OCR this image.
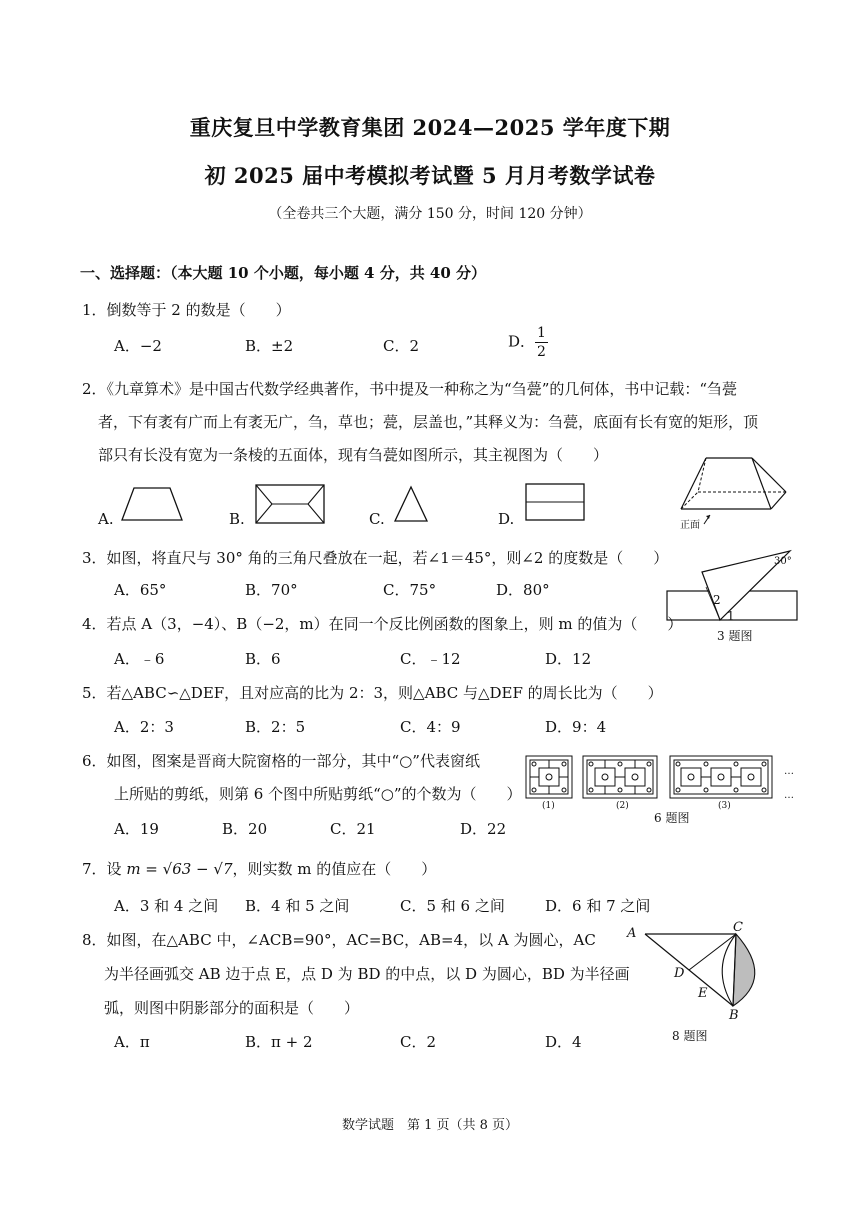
重庆复旦中学教育集团 2024—2025 学年度下期
初 2025 届中考模拟考试暨 5 月月考数学试卷
（全卷共三个大题，满分 150 分，时间 120 分钟）
一、选择题：（本大题 10 个小题，每小题 4 分，共 40 分）
1．倒数等于 2 的数是（　　）
A．−2	B．±2	C．2	D． $\frac{1}{2}$
2．《九章算术》是中国古代数学经典著作，书中提及一种称之为“刍甍”的几何体，书中记载：“刍甍
者，下有袤有广而上有袤无广，刍，草也；甍，层盖也，”其释义为：刍甍，底面有长有宽的矩形，顶
部只有长没有宽为一条棱的五面体，现有刍甍如图所示，其主视图为（　　）
A.	B.	C.	D.	正面
3．如图，将直尺与 30° 角的三角尺叠放在一起，若∠1＝45°，则∠2 的度数是（　　）
A．65°	B．70°	C．75°	D．80°
30°
2
1
3 题图
4．若点 A（3，−4）、B（−2，m）在同一个反比例函数的图象上，则 m 的值为（　　）
A．﹣6	B．6	C．﹣12	D．12
5．若△ABC∽△DEF，且对应高的比为 2：3，则△ABC 与△DEF 的周长比为（　　）
A．2：3	B．2：5	C．4：9	D．9：4
6．如图，图案是晋商大院窗格的一部分，其中“○”代表窗纸
上所贴的剪纸，则第 6 个图中所贴剪纸“○”的个数为（　　）
A．19	B．20	C．21	D．22
…
…
(1)	(2)	(3)
6 题图
7．设 m = √63 − √7，则实数 m 的值应在（　　）
A．3 和 4 之间 B．4 和 5 之间	C．5 和 6 之间	D．6 和 7 之间
8．如图，在△ABC 中，∠ACB=90°，AC=BC，AB=4，以 A 为圆心，AC
为半径画弧交 AB 边于点 E，点 D 为 BD 的中点，以 D 为圆心，BD 为半径画
弧，则图中阴影部分的面积是（　　）
A．π	B．π + 2	C．2	D．4
A	C
D
E
B
8 题图
数学试题　第 1 页（共 8 页）
